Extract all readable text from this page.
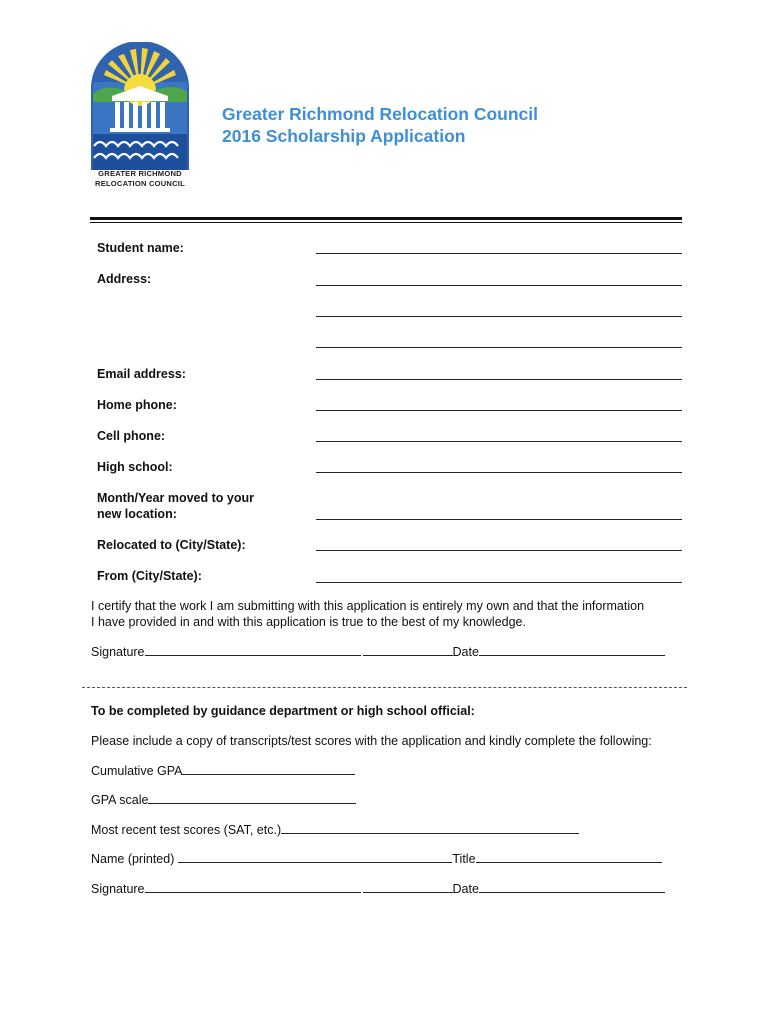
GREATER RICHMOND
RELOCATION COUNCIL
Greater Richmond Relocation Council
2016 Scholarship Application
Student name:
Address:
Email address:
Home phone:
Cell phone:
High school:
Month/Year moved to your
new location:
Relocated to (City/State):
From (City/State):
I certify that the work I am submitting with this application is entirely my own and that the information
I have provided in and with this application is true to the best of my knowledge.
Signature	Date
To be completed by guidance department or high school official:
Please include a copy of transcripts/test scores with the application and kindly complete the following:
Cumulative GPA
GPA scale
Most recent test scores (SAT, etc.)
Name (printed)	Title
Signature	Date
